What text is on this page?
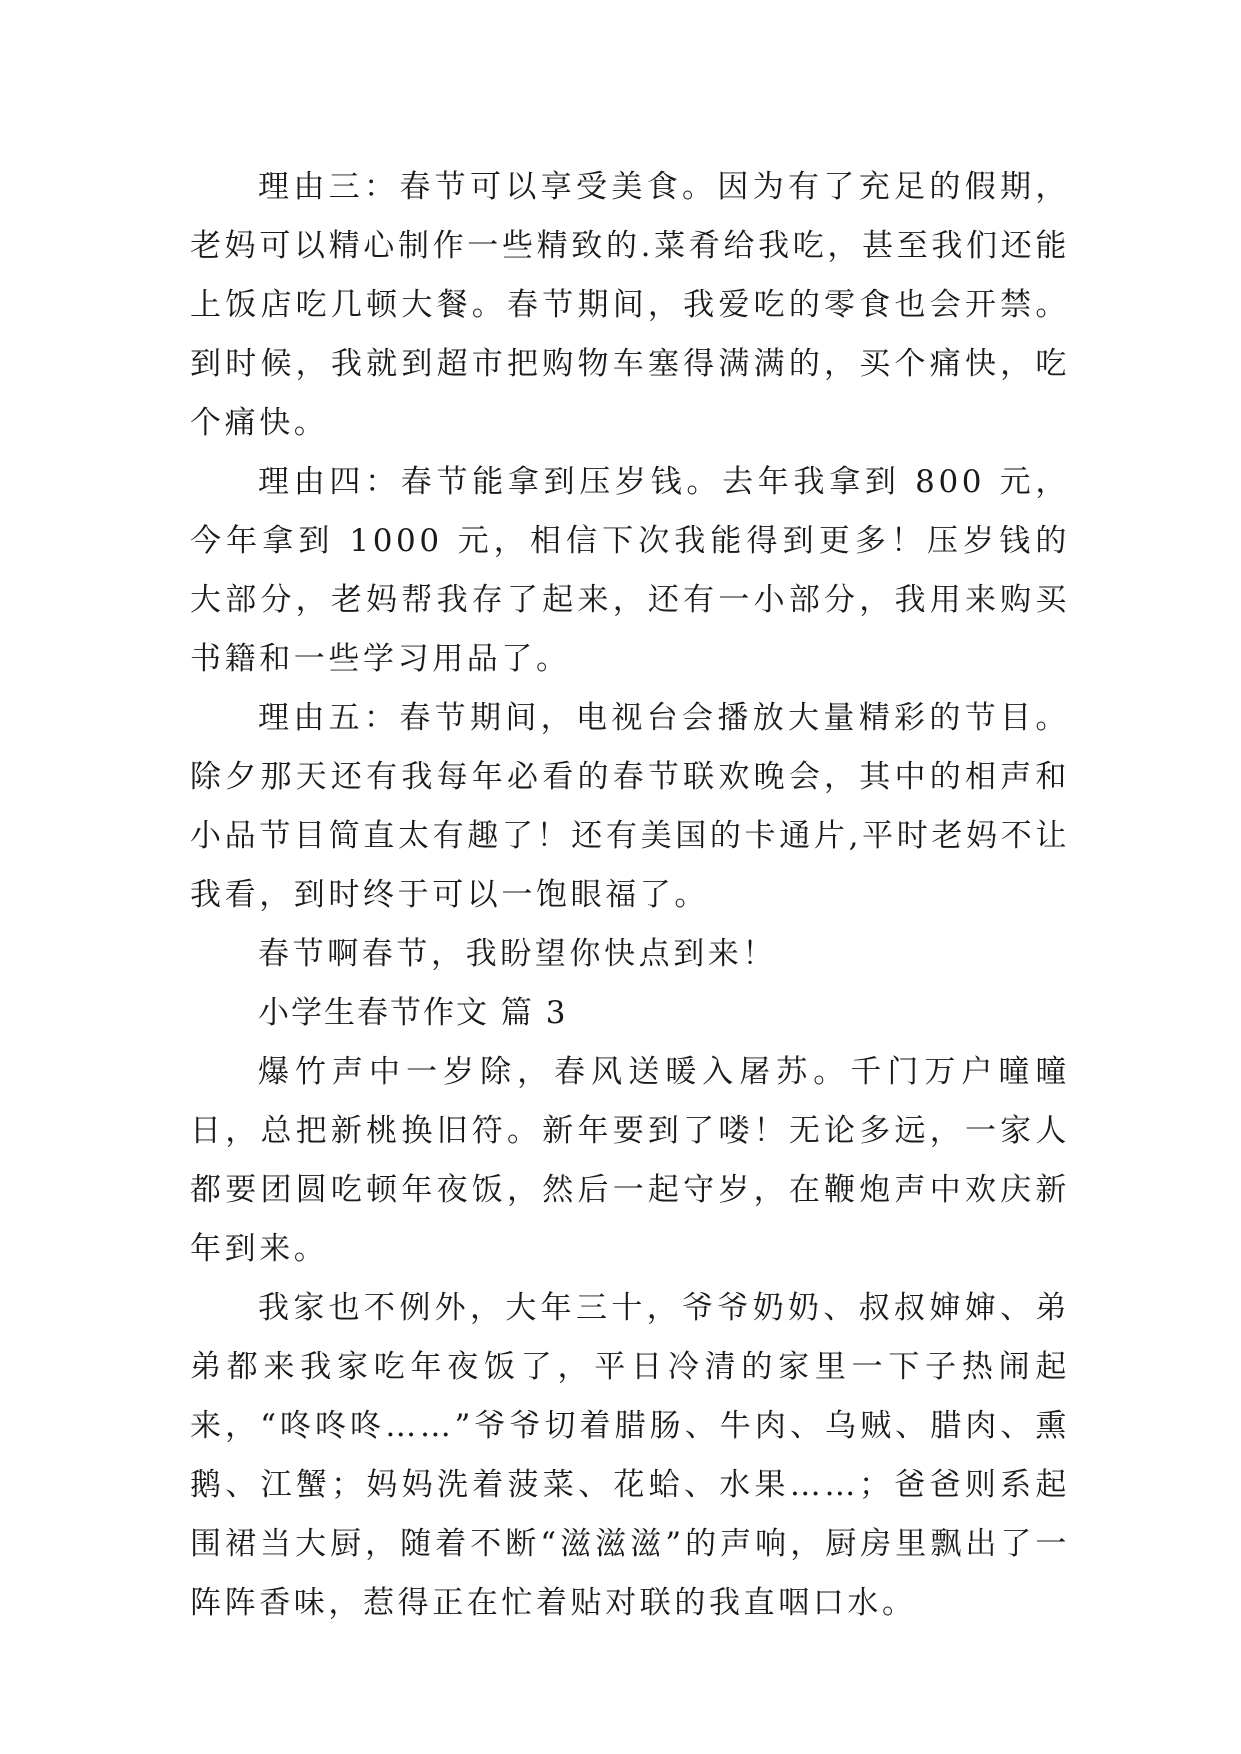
理由三：春节可以享受美食。因为有了充足的假期，老妈可以精心制作一些精致的.菜肴给我吃，甚至我们还能上饭店吃几顿大餐。春节期间，我爱吃的零食也会开禁。到时候，我就到超市把购物车塞得满满的，买个痛快，吃个痛快。

理由四：春节能拿到压岁钱。去年我拿到 800 元，今年拿到 1000 元，相信下次我能得到更多！压岁钱的大部分，老妈帮我存了起来，还有一小部分，我用来购买书籍和一些学习用品了。

理由五：春节期间，电视台会播放大量精彩的节目。除夕那天还有我每年必看的春节联欢晚会，其中的相声和小品节目简直太有趣了！还有美国的卡通片,平时老妈不让我看，到时终于可以一饱眼福了。

春节啊春节，我盼望你快点到来！

小学生春节作文 篇 3

爆竹声中一岁除，春风送暖入屠苏。千门万户曈曈日，总把新桃换旧符。新年要到了喽！无论多远，一家人都要团圆吃顿年夜饭，然后一起守岁，在鞭炮声中欢庆新年到来。

我家也不例外，大年三十，爷爷奶奶、叔叔婶婶、弟弟都来我家吃年夜饭了，平日冷清的家里一下子热闹起来，“咚咚咚……”爷爷切着腊肠、牛肉、乌贼、腊肉、熏鹅、江蟹；妈妈洗着菠菜、花蛤、水果……；爸爸则系起围裙当大厨，随着不断“滋滋滋”的声响，厨房里飘出了一阵阵香味，惹得正在忙着贴对联的我直咽口水。
